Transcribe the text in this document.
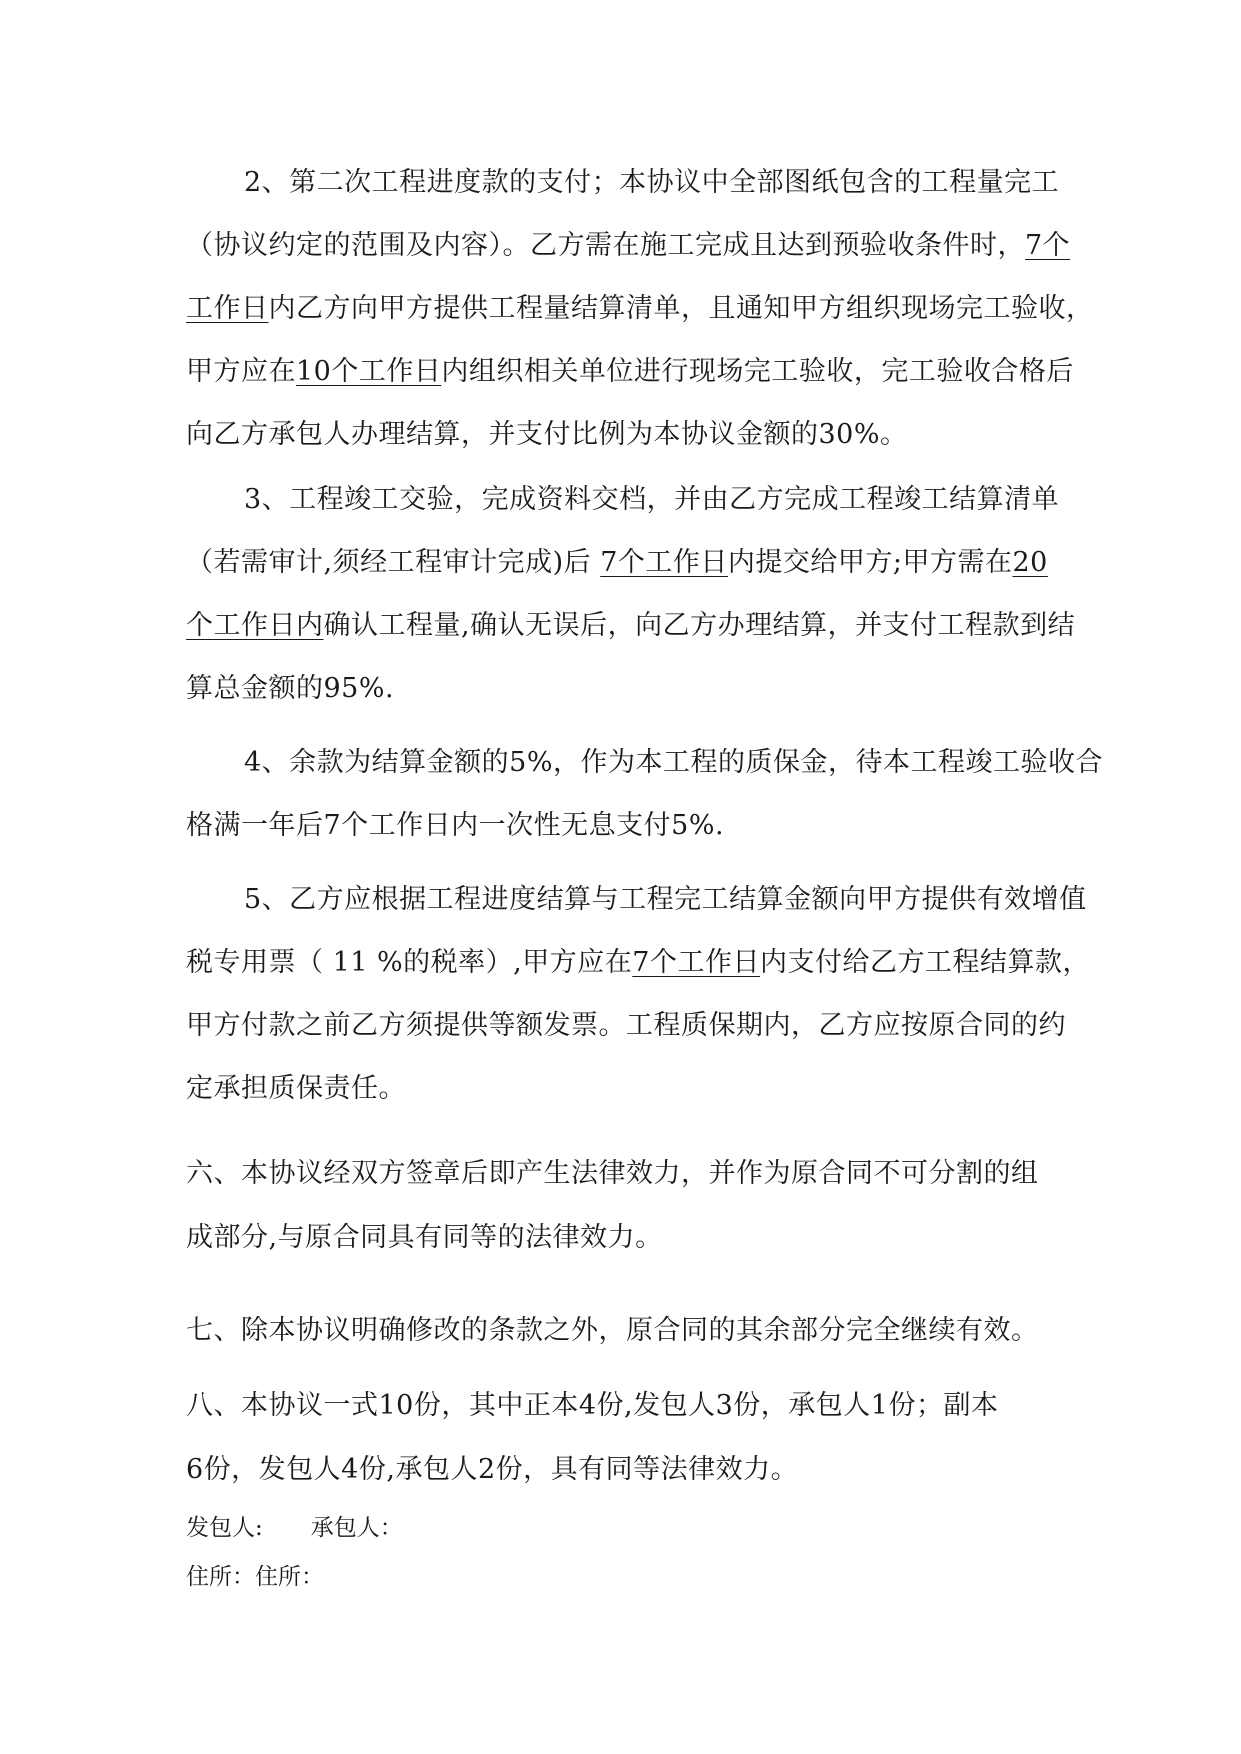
2、第二次工程进度款的支付；本协议中全部图纸包含的工程量完工
（协议约定的范围及内容）。乙方需在施工完成且达到预验收条件时，7个
工作日内乙方向甲方提供工程量结算清单，且通知甲方组织现场完工验收，
甲方应在10个工作日内组织相关单位进行现场完工验收，完工验收合格后
向乙方承包人办理结算，并支付比例为本协议金额的30%。
3、工程竣工交验，完成资料交档，并由乙方完成工程竣工结算清单
（若需审计,须经工程审计完成)后 7个工作日内提交给甲方;甲方需在20
个工作日内确认工程量,确认无误后，向乙方办理结算，并支付工程款到结
算总金额的95%.
4、余款为结算金额的5%，作为本工程的质保金，待本工程竣工验收合
格满一年后7个工作日内一次性无息支付5%.
5、乙方应根据工程进度结算与工程完工结算金额向甲方提供有效增值
税专用票（ 11 %的税率）,甲方应在7个工作日内支付给乙方工程结算款，
甲方付款之前乙方须提供等额发票。工程质保期内，乙方应按原合同的约
定承担质保责任。
六、本协议经双方签章后即产生法律效力，并作为原合同不可分割的组
成部分,与原合同具有同等的法律效力。
七、除本协议明确修改的条款之外，原合同的其余部分完全继续有效。
八、本协议一式10份，其中正本4份,发包人3份，承包人1份；副本
6份，发包人4份,承包人2份，具有同等法律效力。
发包人: 承包人：
住所：住所：
